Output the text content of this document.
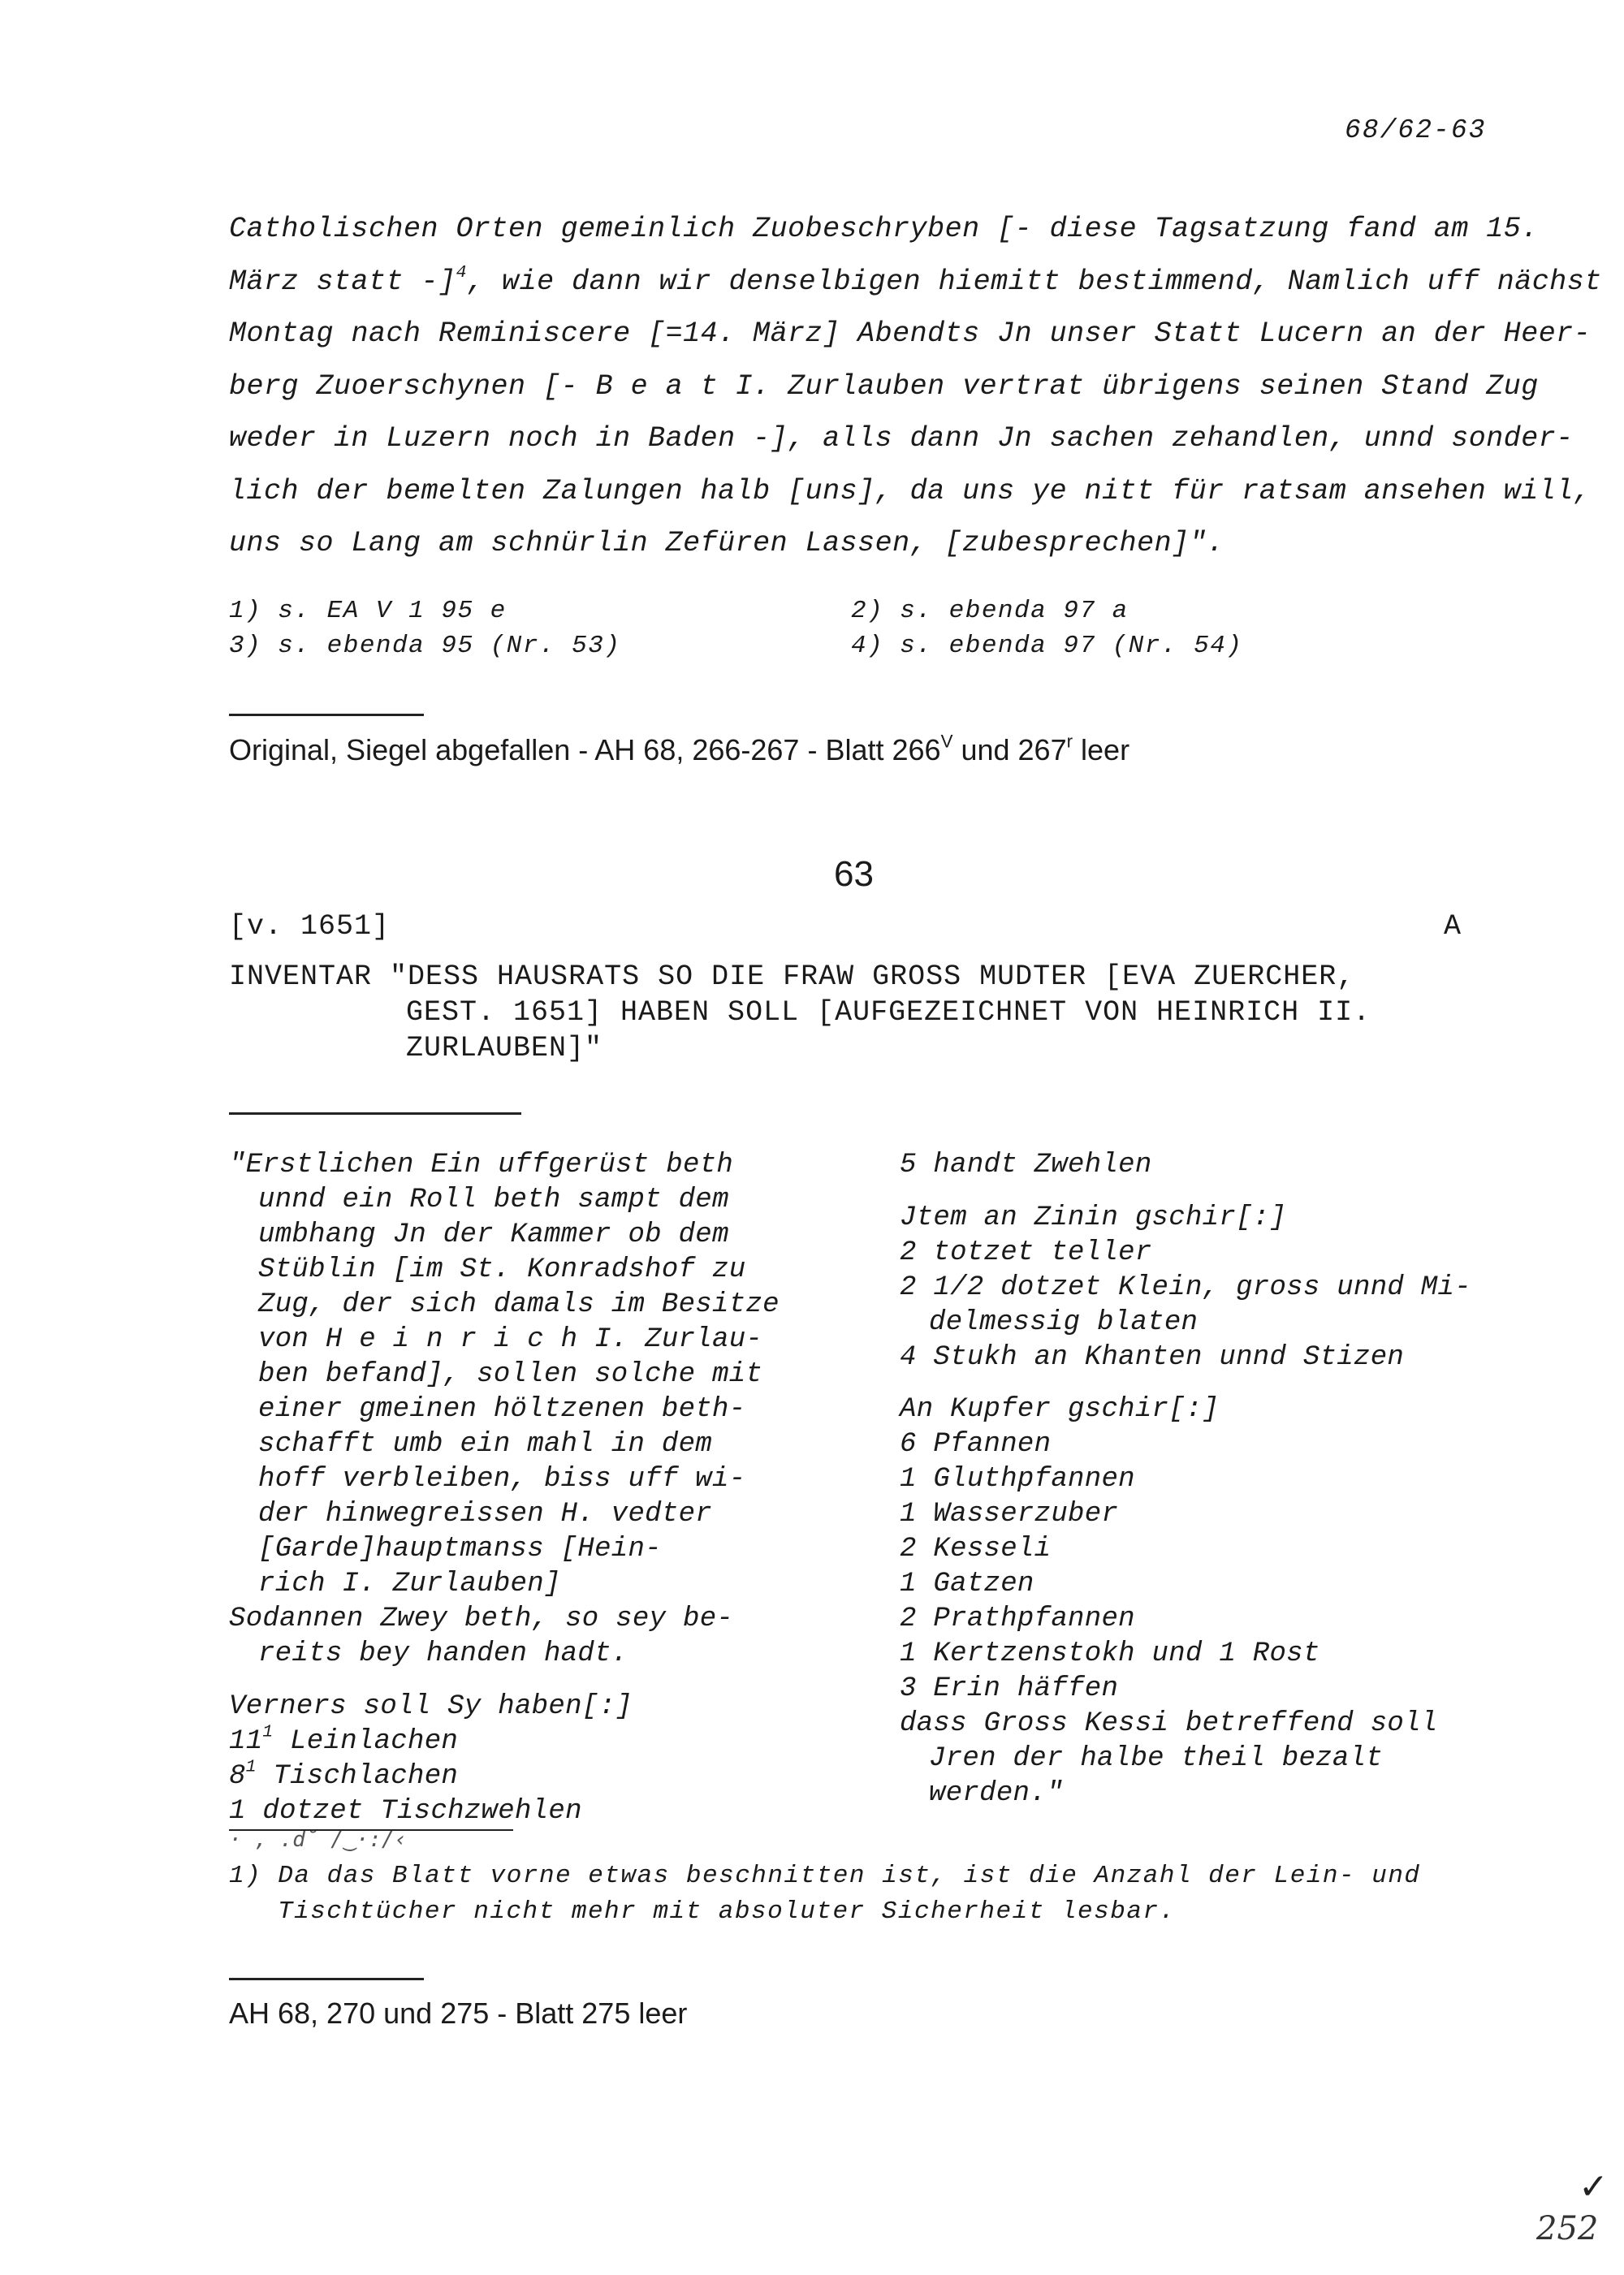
68/62-63
Catholischen Orten gemeinlich Zuobeschryben [- diese Tagsatzung fand am 15.
März statt -]$^4$, wie dann wir denselbigen hiemitt bestimmend, Namlich uff nächst
Montag nach Reminiscere [=14. März] Abendts Jn unser Statt Lucern an der Heer-
berg Zuoerschynen [- B e a t I. Zurlauben vertrat übrigens seinen Stand Zug
weder in Luzern noch in Baden -], alls dann Jn sachen zehandlen, unnd sonder-
lich der bemelten Zalungen halb [uns], da uns ye nitt für ratsam ansehen will,
uns so Lang am schnürlin Zefüren Lassen, [zubesprechen]".
1) s. EA V 1 95 e	2) s. ebenda 97 a
3) s. ebenda 95 (Nr. 53)	4) s. ebenda 97 (Nr. 54)
Original, Siegel abgefallen - AH 68, 266-267 - Blatt $266^V$ und 267$^r$ leer
63
[v. 1651]	A
INVENTAR "DESS HAUSRATS SO DIE FRAW GROSS MUDTER [EVA ZUERCHER,
GEST. 1651] HABEN SOLL [AUFGEZEICHNET VON HEINRICH II.
ZURLAUBEN]"
"Erstlichen Ein uffgerüst beth
unnd ein Roll beth sampt dem
umbhang Jn der Kammer ob dem
Stüblin [im St. Konradshof zu
Zug, der sich damals im Besitze
von H e i n r i c h I. Zurlau-
ben befand], sollen solche mit
einer gmeinen höltzenen beth-
schafft umb ein mahl in dem
hoff verbleiben, biss uff wi-
der hinwegreissen H. vedter
[Garde]hauptmanss [Hein-
rich I. Zurlauben]
Sodannen Zwey beth, so sey be-
reits bey handen hadt.
Verners soll Sy haben[:]
$11^1$ Leinlachen
$8^1$ Tischlachen
1 dotzet Tischzwehlen
· ‚ .d˘ /‿·:/‹
5 handt Zwehlen
Jtem an Zinin gschir[:]
2 totzet teller
2 1/2 dotzet Klein, gross unnd Mi-
delmessig blaten
4 Stukh an Khanten unnd Stizen
An Kupfer gschir[:]
6 Pfannen
1 Gluthpfannen
1 Wasserzuber
2 Kesseli
1 Gatzen
2 Prathpfannen
1 Kertzenstokh und 1 Rost
3 Erin häffen
dass Gross Kessi betreffend soll
Jren der halbe theil bezalt
werden."
1) Da das Blatt vorne etwas beschnitten ist, ist die Anzahl der Lein- und
Tischtücher nicht mehr mit absoluter Sicherheit lesbar.
AH 68, 270 und 275 - Blatt 275 leer
✓
252
